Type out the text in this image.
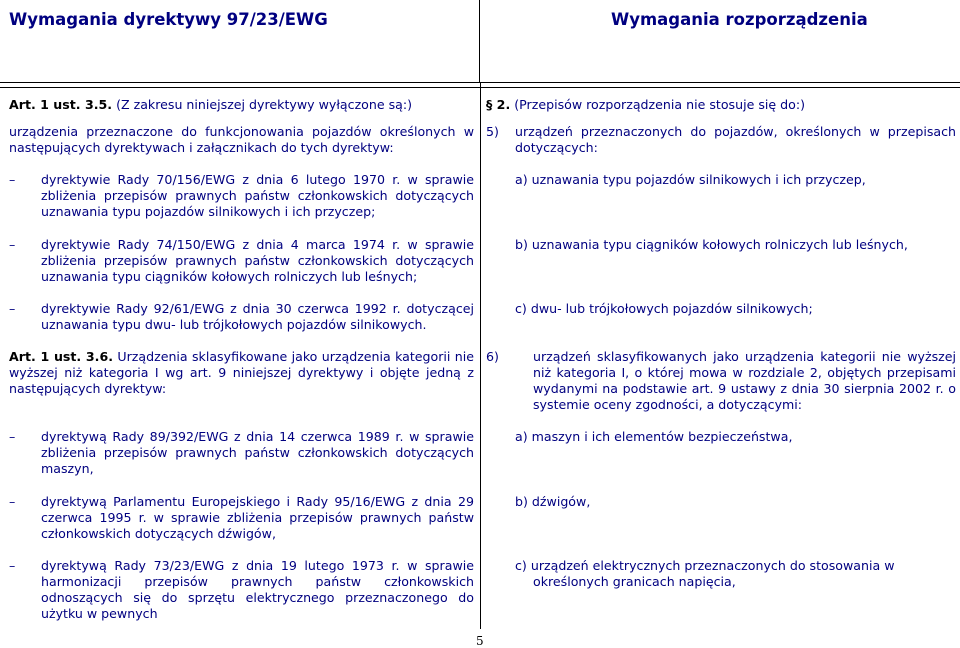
Wymagania dyrektywy 97/23/EWG	Wymagania rozporządzenia
Art. 1 ust. 3.5. (Z zakresu niniejszej dyrektywy wyłączone są:)
urządzenia przeznaczone do funkcjonowania pojazdów określonych w następujących dyrektywach i załącznikach do tych dyrektyw:
– dyrektywie Rady 70/156/EWG z dnia 6 lutego 1970 r. w sprawie zbliżenia przepisów prawnych państw członkowskich dotyczących uznawania typu pojazdów silnikowych i ich przyczep;
– dyrektywie Rady 74/150/EWG z dnia 4 marca 1974 r. w sprawie zbliżenia przepisów prawnych państw członkowskich dotyczących uznawania typu ciągników kołowych rolniczych lub leśnych;
– dyrektywie Rady 92/61/EWG z dnia 30 czerwca 1992 r. dotyczącej uznawania typu dwu- lub trójkołowych pojazdów silnikowych.
Art. 1 ust. 3.6. Urządzenia sklasyfikowane jako urządzenia kategorii nie wyższej niż kategoria I wg art. 9 niniejszej dyrektywy i objęte jedną z następujących dyrektyw:
– dyrektywą Rady 89/392/EWG z dnia 14 czerwca 1989 r. w sprawie zbliżenia przepisów prawnych państw członkowskich dotyczących maszyn,
– dyrektywą Parlamentu Europejskiego i Rady 95/16/EWG z dnia 29 czerwca 1995 r. w sprawie zbliżenia przepisów prawnych państw członkowskich dotyczących dźwigów,
– dyrektywą Rady 73/23/EWG z dnia 19 lutego 1973 r. w sprawie harmonizacji przepisów prawnych państw członkowskich odnoszących się do sprzętu elektrycznego przeznaczonego do użytku w pewnych
§ 2. (Przepisów rozporządzenia nie stosuje się do:)
5) urządzeń przeznaczonych do pojazdów, określonych w przepisach dotyczących:
a) uznawania typu pojazdów silnikowych i ich przyczep,
b) uznawania typu ciągników kołowych rolniczych lub leśnych,
c) dwu- lub trójkołowych pojazdów silnikowych;
6)	urządzeń sklasyfikowanych jako urządzenia kategorii nie wyższej niż kategoria I, o której mowa w rozdziale 2, objętych przepisami wydanymi na podstawie art. 9 ustawy z dnia 30 sierpnia 2002 r. o systemie oceny zgodności, a dotyczącymi:
a) maszyn i ich elementów bezpieczeństwa,
b) dźwigów,
c) urządzeń elektrycznych przeznaczonych do stosowania w określonych granicach napięcia,
5
